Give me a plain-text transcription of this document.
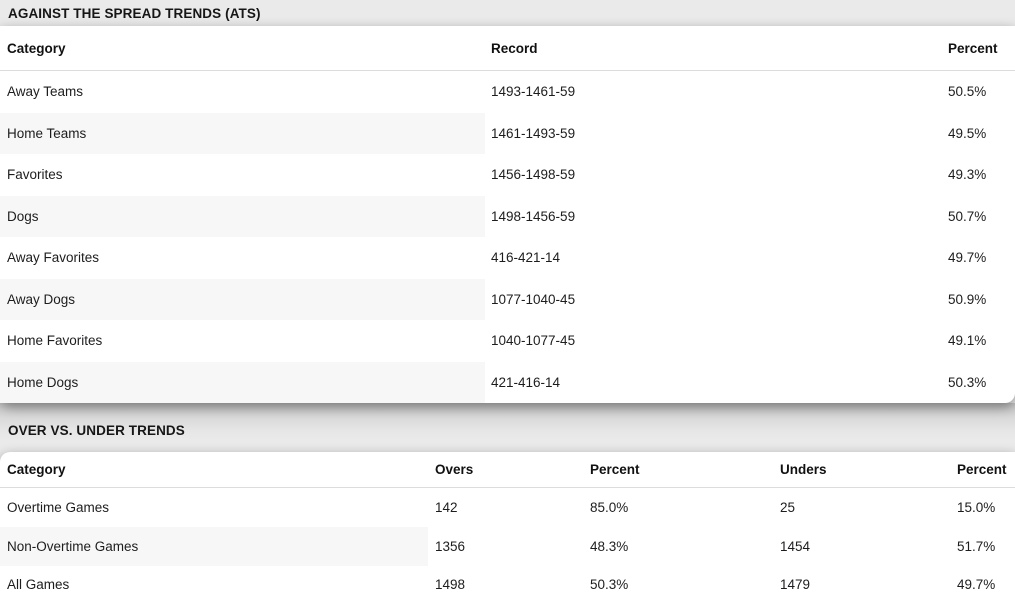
AGAINST THE SPREAD TRENDS (ATS)
Category	Record	Percent
Away Teams	1493-1461-59	50.5%
Home Teams	1461-1493-59	49.5%
Favorites	1456-1498-59	49.3%
Dogs	1498-1456-59	50.7%
Away Favorites	416-421-14	49.7%
Away Dogs	1077-1040-45	50.9%
Home Favorites	1040-1077-45	49.1%
Home Dogs	421-416-14	50.3%
OVER VS. UNDER TRENDS
Category	Overs	Percent	Unders	Percent
Overtime Games	142	85.0%	25	15.0%
Non-Overtime Games	1356	48.3%	1454	51.7%
All Games	1498	50.3%	1479	49.7%
